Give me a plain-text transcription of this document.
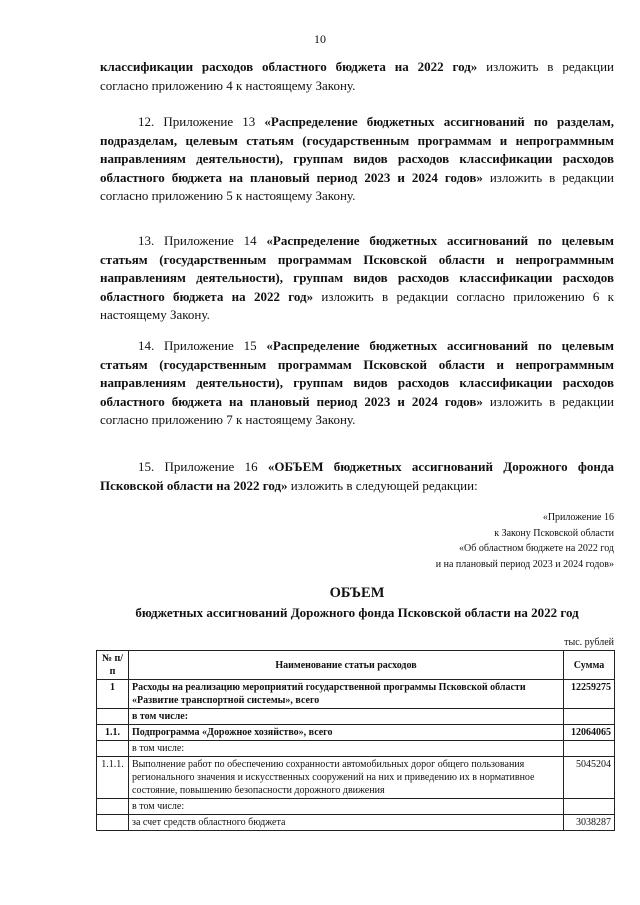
10

классификации расходов областного бюджета на 2022 год» изложить в редакции согласно приложению 4 к настоящему Закону.

12. Приложение 13 «Распределение бюджетных ассигнований по разделам, подразделам, целевым статьям (государственным программам и непрограммным направлениям деятельности), группам видов расходов классификации расходов областного бюджета на плановый период 2023 и 2024 годов» изложить в редакции согласно приложению 5 к настоящему Закону.

13. Приложение 14 «Распределение бюджетных ассигнований по целевым статьям (государственным программам Псковской области и непрограммным направлениям деятельности), группам видов расходов классификации расходов областного бюджета на 2022 год» изложить в редакции согласно приложению 6 к настоящему Закону.

14. Приложение 15 «Распределение бюджетных ассигнований по целевым статьям (государственным программам Псковской области и непрограммным направлениям деятельности), группам видов расходов классификации расходов областного бюджета на плановый период 2023 и 2024 годов» изложить в редакции согласно приложению 7 к настоящему Закону.

15. Приложение 16 «ОБЪЕМ бюджетных ассигнований Дорожного фонда Псковской области на 2022 год» изложить в следующей редакции:

«Приложение 16
к Закону Псковской области
«Об областном бюджете на 2022 год
и на плановый период 2023 и 2024 годов»
ОБЪЕМ
бюджетных ассигнований Дорожного фонда Псковской области на 2022 год
тыс. рублей
№ п/п	Наименование статьи расходов	Сумма
1	Расходы на реализацию мероприятий государственной программы Псковской области «Развитие транспортной системы», всего	12259275
	в том числе:	
1.1.	Подпрограмма «Дорожное хозяйство», всего	12064065
	в том числе:	
1.1.1.	Выполнение работ по обеспечению сохранности автомобильных дорог общего пользования регионального значения и искусственных сооружений на них и приведению их в нормативное состояние, повышению безопасности дорожного движения	5045204
	в том числе:	
	за счет средств областного бюджета	3038287
